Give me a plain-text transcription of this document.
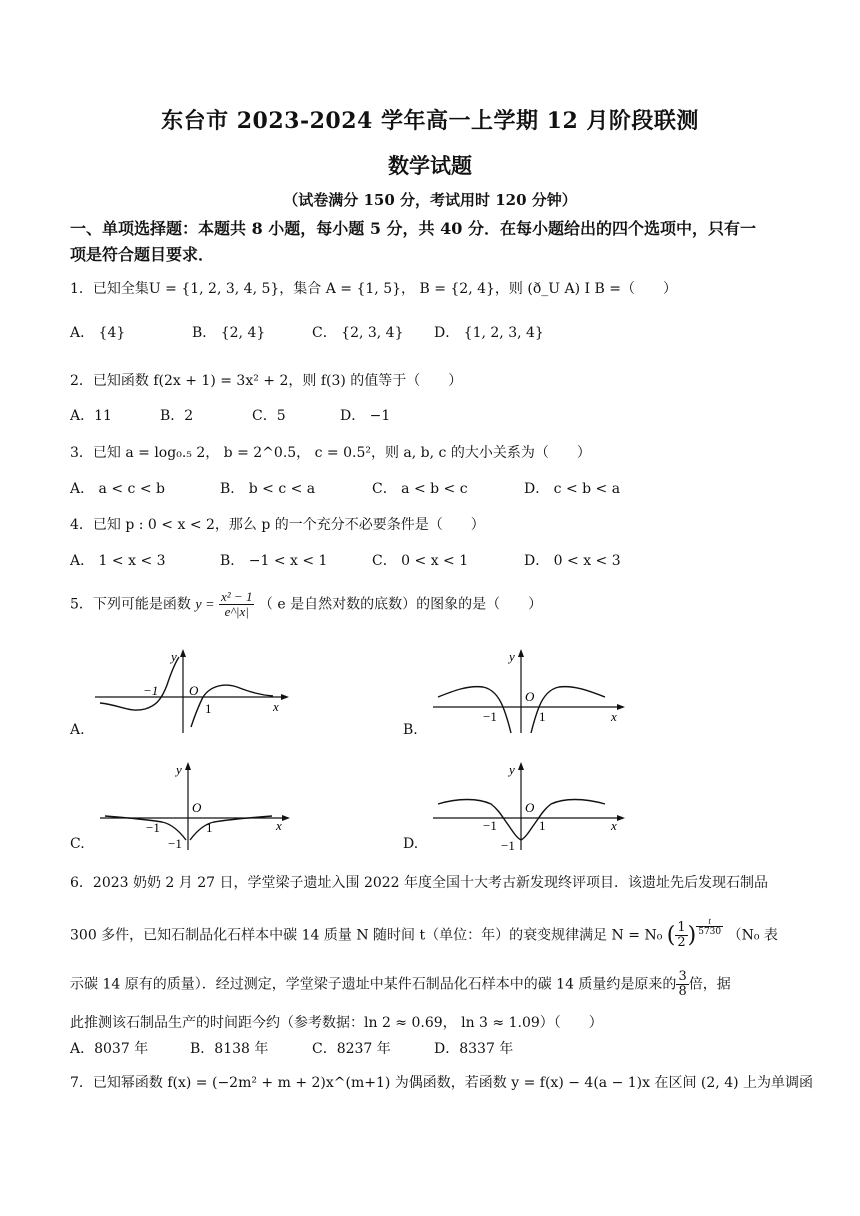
东台市 2023-2024 学年高一上学期 12 月阶段联测
数学试题
（试卷满分 150 分，考试用时 120 分钟）
一、单项选择题：本题共 8 小题，每小题 5 分，共 40 分．在每小题给出的四个选项中，只有一
项是符合题目要求．
1．已知全集U = {1, 2, 3, 4, 5}，集合 A = {1, 5}， B = {2, 4}，则 (ð_U A) I B =（　　）
A． {4}	B． {2, 4}	C． {2, 3, 4} D． {1, 2, 3, 4}
2．已知函数 f(2x + 1) = 3x² + 2，则 f(3) 的值等于（　　）
A．11	B．2	C．5	D． −1
3．已知 a = log₀.₅ 2， b = 2^0.5， c = 0.5²，则 a, b, c 的大小关系为（　　）
A． a < c < b	B． b < c < a	C． a < b < c	D． c < b < a
4．已知 p : 0 < x < 2，那么 p 的一个充分不必要条件是（　　）
A． 1 < x < 3	B． −1 < x < 1	C． 0 < x < 1	D． 0 < x < 3
5．下列可能是函数 $y = \frac{\text{x² − 1}}{e\^{}|x|}$ （ e 是自然对数的底数）的图象的是（　　）
A.
−1 O
1	x
y
B.
−1
O
1	x
y
C.
−1
O
1
−1
x
y
D.
−1
O
1
−1
x
y
6．2023 奶奶 2 月 27 日，学堂梁子遗址入围 2022 年度全国十大考古新发现终评项目．该遗址先后发现石制品
300 多件，已知石制品化石样本中碳 14 质量 N 随时间 t（单位：年）的衰变规律满足 N = N₀ ( $\frac{1}{2}$ ) $\frac{t}{5730} (N_0$ 表
示碳 14 原有的质量）．经过测定，学堂梁子遗址中某件石制品化石样本中的碳 14 质量约是原来的 $\frac{3}{8}$ 倍，据
此推测该石制品生产的时间距今约（参考数据：ln 2 ≈ 0.69， ln 3 ≈ 1.09）（　　）
A．8037 年	B．8138 年	C．8237 年	D．8337 年
7．已知幂函数 f(x) = (−2m² + m + 2)x^(m+1) 为偶函数，若函数 y = f(x) − 4(a − 1)x 在区间 (2, 4) 上为单调函
